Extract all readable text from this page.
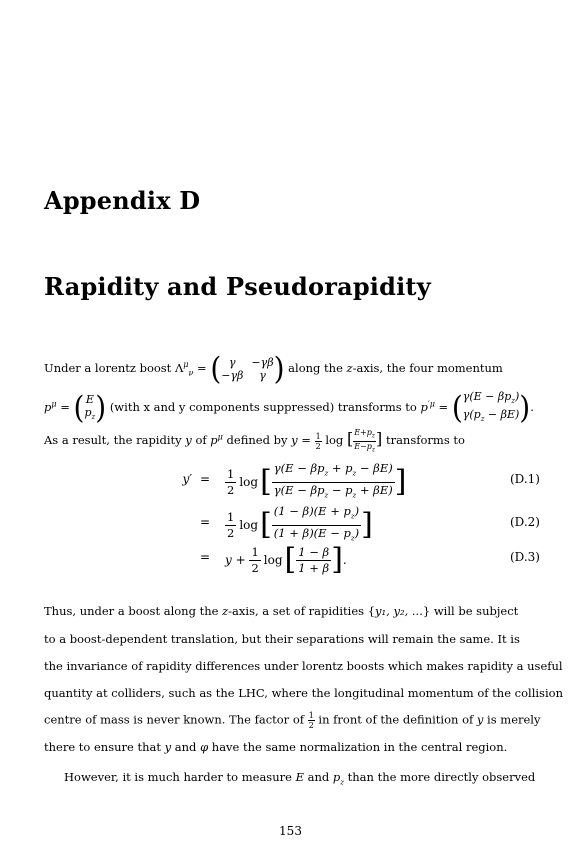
Appendix D
Rapidity and Pseudorapidity
Under a lorentz boost $\Lambda^\mu_\nu$ = ( γ	−γβ
−γβ	γ ) along the z-axis, the four momentum
$p^\mu$ = ( E
$p_z$ ) (with x and y components suppressed) transforms to $p^{'\mu}$ = ( $\gamma(E - \beta p_z)$
$\gamma(p_z - \beta E)$ ) .
As a result, the rapidity y of $p^\mu$ defined by $y = \frac{1}{2}$ log [ $\frac{E+p_z}{E-p_z}$ ] transforms to
$y' = \frac{1}{2}$ log [ $\gamma(E - \beta p_z + p_z - \beta E)$
$\gamma(E - \beta p_z - p_z + \beta E)$ ]	(D.1)
= $\frac{1}{2}$ log [ $(1 - \beta)(E + p_z)$
$(1 + \beta)(E - p_z)$ ]	(D.2)
= $y + \frac{1}{2}$ log [ $\frac{1 - \beta}{1 + \beta}$ ] .	(D.3)
Thus, under a boost along the z-axis, a set of rapidities {y₁, y₂, ...} will be subject
to a boost-dependent translation, but their separations will remain the same. It is
the invariance of rapidity differences under lorentz boosts which makes rapidity a useful
quantity at colliders, such as the LHC, where the longitudinal momentum of the collision
centre of mass is never known. The factor of $\frac{1}{2}$ in front of the definition of y is merely
there to ensure that y and φ have the same normalization in the central region.
However, it is much harder to measure E and $p_z$ than the more directly observed
153
